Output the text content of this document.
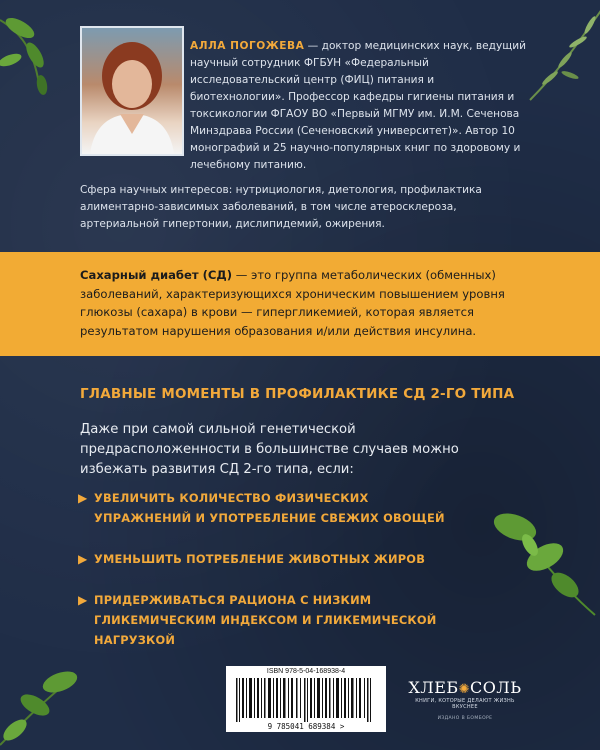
АЛЛА ПОГОЖЕВА — доктор медицинских наук, ведущий научный сотрудник ФГБУН «Федеральный исследовательский центр (ФИЦ) питания и биотехнологии». Профессор кафедры гигиены питания и токсикологии ФГАОУ ВО «Первый МГМУ им. И.М. Сеченова Минздрава России (Сеченовский университет)». Автор 10 монографий и 25 научно-популярных книг по здоровому и лечебному питанию.
Сфера научных интересов: нутрициология, диетология, профилактика алиментарно-зависимых заболеваний, в том числе атеросклероза, артериальной гипертонии, дислипидемий, ожирения.

Сахарный диабет (СД) — это группа метаболических (обменных) заболеваний, характеризующихся хроническим повышением уровня глюкозы (сахара) в крови — гипергликемией, которая является результатом нарушения образования и/или действия инсулина.

ГЛАВНЫЕ МОМЕНТЫ В ПРОФИЛАКТИКЕ СД 2-ГО ТИПА
Даже при самой сильной генетической предрасположенности в большинстве случаев можно избежать развития СД 2-го типа, если:
▶ УВЕЛИЧИТЬ КОЛИЧЕСТВО ФИЗИЧЕСКИХ УПРАЖНЕНИЙ И УПОТРЕБЛЕНИЕ СВЕЖИХ ОВОЩЕЙ
▶ УМЕНЬШИТЬ ПОТРЕБЛЕНИЕ ЖИВОТНЫХ ЖИРОВ
▶ ПРИДЕРЖИВАТЬСЯ РАЦИОНА С НИЗКИМ ГЛИКЕМИЧЕСКИМ ИНДЕКСОМ И ГЛИКЕМИЧЕСКОЙ НАГРУЗКОЙ
ISBN 978-5-04-168938-4
9 785041 689384 >
ХЛЕБ✺СОЛЬ
КНИГИ, КОТОРЫЕ ДЕЛАЮТ ЖИЗНЬ ВКУСНЕЕ
ИЗДАНО В БОМБОРЕ
